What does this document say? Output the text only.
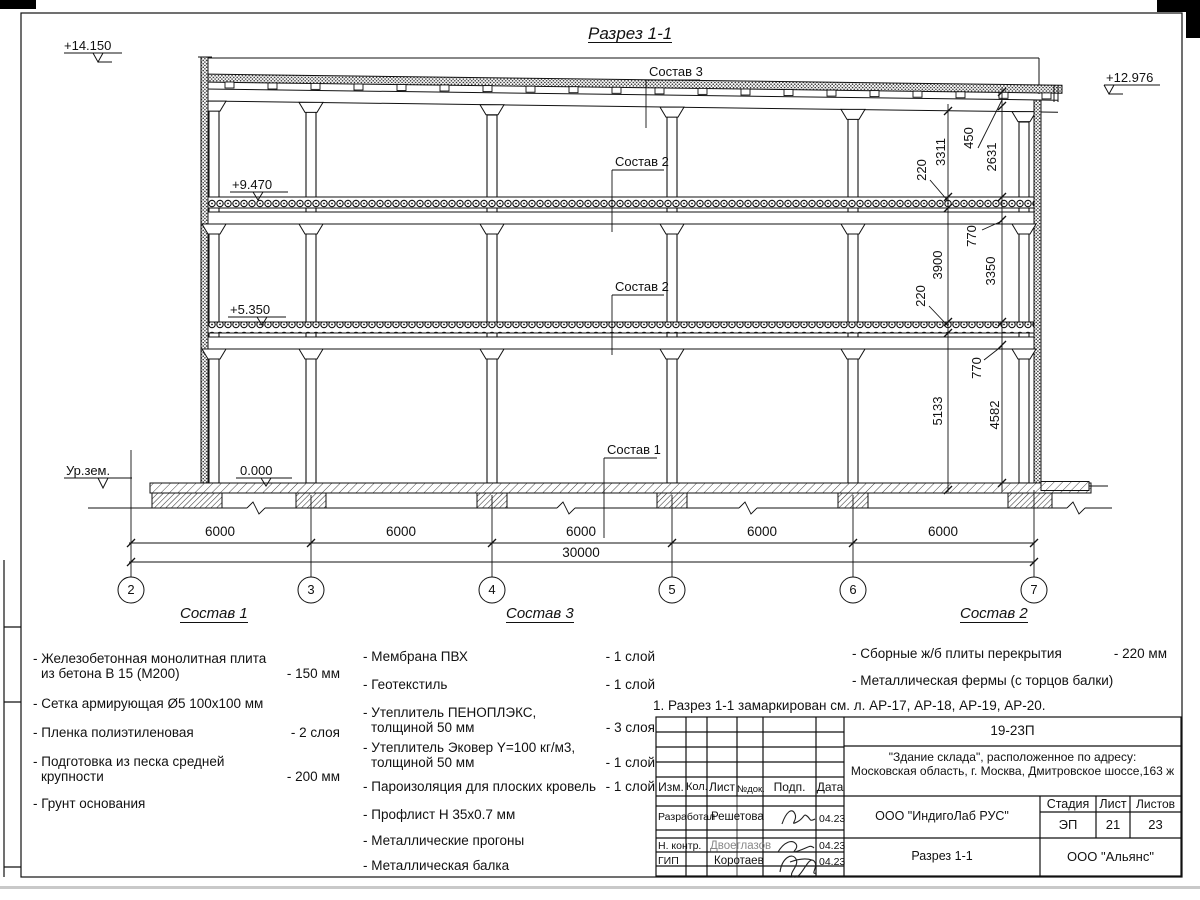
Разрез 1-1
+14.150
+12.976
+9.470
+5.350
0.000
Ур.зем.
Состав 3
Состав 2
Состав 2
Состав 1
6000	6000	6000	6000	6000
30000
2	3	4	5	6	7
3311
220
3900
220
5133
450
2631
770
3350
770
4582
Состав 1
- Железобетонная монолитная плита
из бетона В 15 (М200)	- 150 мм
- Сетка армирующая Ø5 100х100 мм
- Пленка полиэтиленовая	- 2 слоя
- Подготовка из песка средней
крупности	- 200 мм
- Грунт основания
Состав 3
- Мембрана ПВХ	- 1 слой
- Геотекстиль	- 1 слой
- Утеплитель ПЕНОПЛЭКС,
толщиной 50 мм	- 3 слоя
- Утеплитель Эковер Y=100 кг/м3,
толщиной 50 мм	- 1 слой
- Пароизоляция для плоских кровель - 1 слой
- Профлист Н 35х0.7 мм
- Металлические прогоны
- Металлическая балка
Состав 2
- Сборные ж/б плиты перекрытия	- 220 мм
- Металлическая фермы (с торцов балки)
1. Разрез 1-1 замаркирован см. л. АР-17, АР-18, АР-19, АР-20.
19-23П
"Здание склада", расположенное по адресу:
Московская область, г. Москва, Дмитровское шоссе,163 ж
Изм. Кол. Лист №док. Подп. Дата
Разработал
Решетова	04.23
Н. контр. Двоеглазов	04.23
ГИП	Коротаев	04.23
ООО "ИндигоЛаб РУС"
Разрез 1-1	ООО "Альянс"
Стадия Лист Листов
ЭП	21	23
